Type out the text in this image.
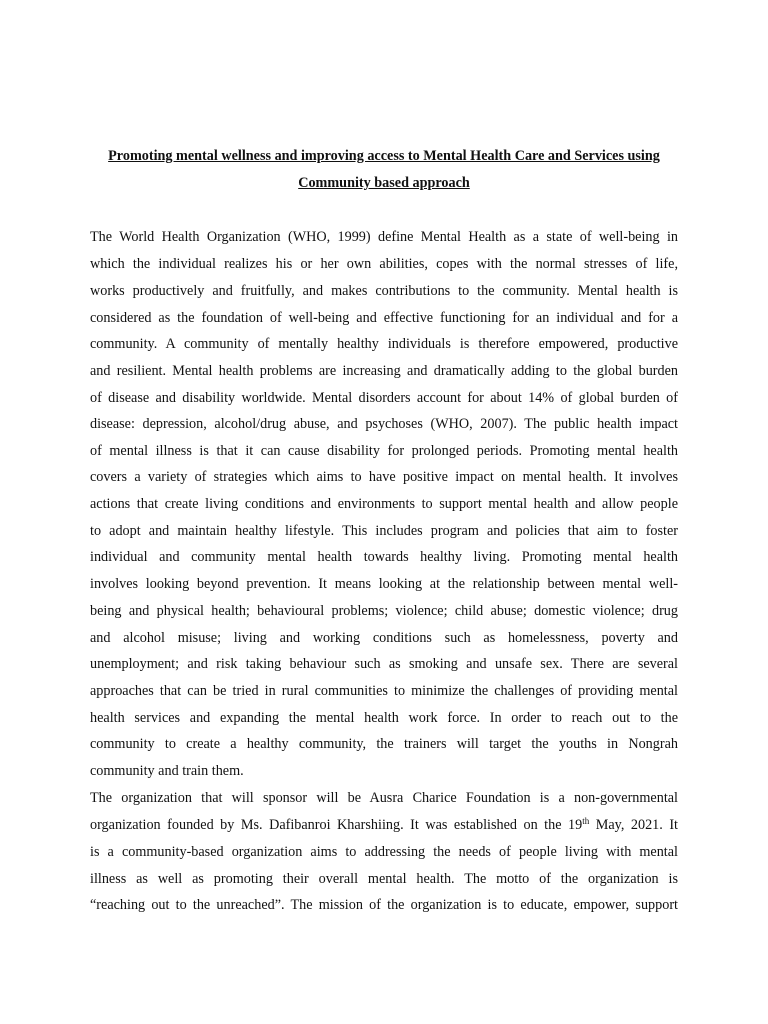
Promoting mental wellness and improving access to Mental Health Care and Services using
Community based approach
The World Health Organization (WHO, 1999) define Mental Health as a state of well-being in
which the individual realizes his or her own abilities, copes with the normal stresses of life,
works productively and fruitfully, and makes contributions to the community. Mental health is
considered as the foundation of well-being and effective functioning for an individual and for a
community. A community of mentally healthy individuals is therefore empowered, productive
and resilient. Mental health problems are increasing and dramatically adding to the global burden
of disease and disability worldwide. Mental disorders account for about 14% of global burden of
disease: depression, alcohol/drug abuse, and psychoses (WHO, 2007). The public health impact
of mental illness is that it can cause disability for prolonged periods. Promoting mental health
covers a variety of strategies which aims to have positive impact on mental health. It involves
actions that create living conditions and environments to support mental health and allow people
to adopt and maintain healthy lifestyle. This includes program and policies that aim to foster
individual and community mental health towards healthy living. Promoting mental health
involves looking beyond prevention. It means looking at the relationship between mental well-
being and physical health; behavioural problems; violence; child abuse; domestic violence; drug
and alcohol misuse; living and working conditions such as homelessness, poverty and
unemployment; and risk taking behaviour such as smoking and unsafe sex. There are several
approaches that can be tried in rural communities to minimize the challenges of providing mental
health services and expanding the mental health work force. In order to reach out to the
community to create a healthy community, the trainers will target the youths in Nongrah
community and train them.
The organization that will sponsor will be Ausra Charice Foundation is a non-governmental
organization founded by Ms. Dafibanroi Kharshiing. It was established on the 19th May, 2021. It
is a community-based organization aims to addressing the needs of people living with mental
illness as well as promoting their overall mental health. The motto of the organization is
“reaching out to the unreached”. The mission of the organization is to educate, empower, support
